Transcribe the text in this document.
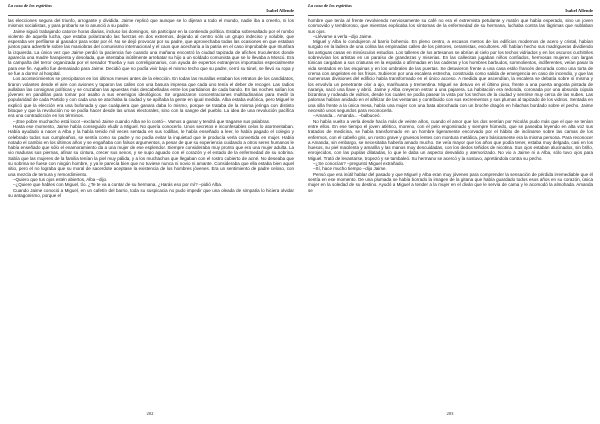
La casa de los espíritus
Isabel Allende

las elecciones segura del triunfo, arrogante y dividida. Jaime replicó que aunque se lo dijeran a todo el mundo, nadie iba a creerlo, ni los mismos socialistas, y para probarlo se lo anunció a su padre.

Jaime siguió trabajando catorce horas diarias, incluso los domingos, sin participar en la contienda política. Estaba sobresaltado por el rumbo violento de aquella lucha, que estaba polarizando las fuerzas en dos extremos, dejando al centro sólo un grupo indeciso y voluble, que esperaba ver perfilarse al ganador para votar por él. No se dejó provocar por su padre, que aprovechaba todas las ocasiones en que estaban juntos para advertirle sobre las maniobras del comunismo internacional y el caos que acecharía a la patria en el caso improbable que triunfara la izquierda. La única vez que Jaime perdió la paciencia fue cuando una mañana encontró la ciudad tapizada de afiches truculentos donde aparecía una madre harapienta y desolada, que intentaba inútilmente arrebatar su hijo a un soldado comunista que se lo llevaba a Moscú. Era la campaña del terror organizada por el senador Trueba y sus correligionarios, con ayuda de expertos extranjeros importados especialmente para ese fin. Aquello fue demasiado para Jaime. Decidió que no podía vivir bajo el mismo techo que su padre, cerró su túnel, se llevó su ropa y se fue a dormir al hospital.

Los acontecimientos se precipitaron en los últimos meses antes de la elección. En todas las murallas estaban los retratos de los candidatos, tiraron volantes desde el aire con aviones y taparon las calles con una basura impresa que cada uno tenía el deber de recoger. Las radios aullaban las consignas políticas y se cruzaban las apuestas más descabelladas entre los partidarios de cada bando. En las noches salían los jóvenes en pandillas para tomar por asalto a sus enemigos ideológicos. Se organizaron concentraciones multitudinarias para medir la popularidad de cada Partido y con cada una se atochaba la ciudad y se apiñaba la gente en igual medida. Alba estaba eufórica, pero Miguel le explicó que la elección era una bufonada y que cualquiera que ganara daba lo mismo, porque se trataba de la misma jeringa con distinto bitoque y que la revolución no se podía hacer desde las urnas electorales, sino con la sangre del pueblo. La idea de una revolución pacífica era una contradicción en los términos.

–¡Ese pobre muchacho está loco! –exclamó Jaime cuando Alba se lo contó–. Vamos a ganar y tendrá que tragarse sus palabras.

Hasta ese momento, Jaime había conseguido eludir a Miguel. No quería conocerlo. Unos secretos e inconfesables celos lo atormentaban. Había ayudado a nacer a Alba y la había tenido mil veces sentada en sus rodillas, le había enseñado a leer, le había pagado el colegio y celebrado todos sus cumpleaños, se sentía como su padre y no podía evitar la inquietud que le producía verla convertida en mujer. Había notado el cambio en los últimos años y se engañaba con falsos argumentos, a pesar de que su experiencia cuidando a otros seres humanos le había enseñado que sólo el enamoramiento da a una mujer de ese esplendor. Siempre consideraba muy pronto que era una mujer adulta. La vio maduras sus piernas, afinar su cintura, crecer sus senos, y se supo aguado con el corazón y el estado de la enfermedad de su sobrina. Sabía que las mujeres de la familia tenían la piel muy pálida, y a los muchachos que llegaban con el rostro cubierto de acné. No deseaba que su sobrina se fuese con ningún hombre, y ya le parecía bien que no tuviese nunca ni novio ni amante. Consideraba que ella estaba bien aquel sitio, pero el no lograba que su moral de sacerdote aceptase la existencia de los hombres jóvenes. Era un sentimiento de padre celoso, con una mezcla de ternura y remordimiento.

–Quiero que tus ojos estén abiertos, Alba –dijo.

–¿Quiere que hables con Miguel, tío. ¿Te te va a contar de su hermana. ¿Harás eso por mí? –pidió Alba.

Cuando Jaime conoció a Miguel, en un cafetín del barrio, toda su suspicacia no pudo impedir que una oleada de simpatía lo hiciera olvidar su antagonismo, porque el

202
La casa de los espíritus
Isabel Allende

hombre que tenía al frente revolviendo nerviosamente su café no era el extremista petulante y matón que había esperado, sino un joven conmovido y tembloroso, que mientras explicaba los síntomas de la enfermedad de su hermana, luchaba contra las lágrimas que nublaban sus ojos.

–Llévame a verla –dijo Jaime.

Miguel y Alba lo condujeron al barrio bohemio. En pleno centro, a escasos metros de los edificios modernos de acero y cristal, habían surgido en la ladera de una colina las empinadas calles de los pintores, ceramistas, escultores. Allí habían hecho sus madrigueras dividiendo las antiguas casas en minúsculos estudios. Los talleres de los artesanos se abrían al cielo por los techos vidriados y en los oscuros cuchitriles sobrevivían los artistas en un paraíso de grandezas y miserias. En las callecitas jugaban niños confiados, hermosas mujeres con largas túnicas cargaban a sus criaturas en la espalda o afirmadas en las caderas y los hombres barbudos, somnolientos, indiferentes, veían pasar la vida sentados en las esquinas y en los umbrales de las puertas. Se detuvieron frente a una casa estilo francés decorada como una torta de crema con angelotes en los frisos. Subieron por una escalera estrecha, construida como salida de emergencia en caso de incendio, y que las numerosas divisiones del edificio había transformado en el único acceso. A medida que ascendían, la escalera se debatía sobre sí misma y los envolvía un penetrante olor a ajo, marihuana y trementina. Miguel se detuvo en el último piso, frente a una puerta angosta pintada de naranja, sacó una llave y abrió. Jaime y Alba creyeron entrar a una pajarera. La habitación era redonda, coronada por una absurda cúpula bizantina y rodeada de vidrios, desde los cuales se podía pasear la vista por los techos de la ciudad y sentirse muy cerca de las nubes. Las palomas habían anidado en el alféizar de las ventanas y contribuido con sus excrementos y sus plumas al tapizado de los vidrios. Sentada en una silla frente a la única mesa, había una mujer con una bata abrochada con un broche dragón en hilachas bordado sobre el pecho. Jaime necesitó unos segundos para reconocerla.

–Amanda... Amanda... –balbuceó.

No había vuelto a verla desde hacía más de veinte años, cuando el amor que los dos sentían por Nicolás pudo más que el que se tenían entre ellos. En ese tiempo el joven atlético, moreno, con el pelo engominado y siempre húmedo, que se paseaba leyendo en alta voz sus tratados de medicina, se había transformado en un hombre ligeramente encorvado por el hábito de inclinarse sobre las camas de los enfermos, con el cabello gris, un rostro grave y gruesos lentes con montura metálica, pero básicamente era la misma persona. Para reconocer a Amanda, sin embargo, se necesitaba haberla amado mucho. Se veía mayor que los años que podía tener, estaba muy delgada, casi en los huesos, su piel macilenta y amarilla y las manos muy descuidadas, con los dedos teñidos de nicotina. Sus ojos estaban alucinados, sin brillo, enrojecidos, con las pupilas dilatadas, lo que le daba un aspecto desvalido y atemorizado. No vio a Jaime ni a Alba, sólo tuvo ojos para Miguel. Trató de levantarse, tropezó y se tambaleó. Su hermano se acercó y la sostuvo, apretándola contra su pecho.

–¿Se conocían? –preguntó Miguel extrañado.

–Sí, hace mucho tiempo –dijo Jaime.

Pensó que era inútil hablar del pasado y que Miguel y Alba eran muy jóvenes para comprender la sensación de pérdida irremediable que él sentía en ese momento. De una plumada se había borrado la imagen de la gitana que había guardado todos esos años en su corazón, única mujer en la soledad de su destino. Ayudó a Miguel a tender a la mujer en el diván que le servía de cama y le acomodó la almohada. Amanda se

203
